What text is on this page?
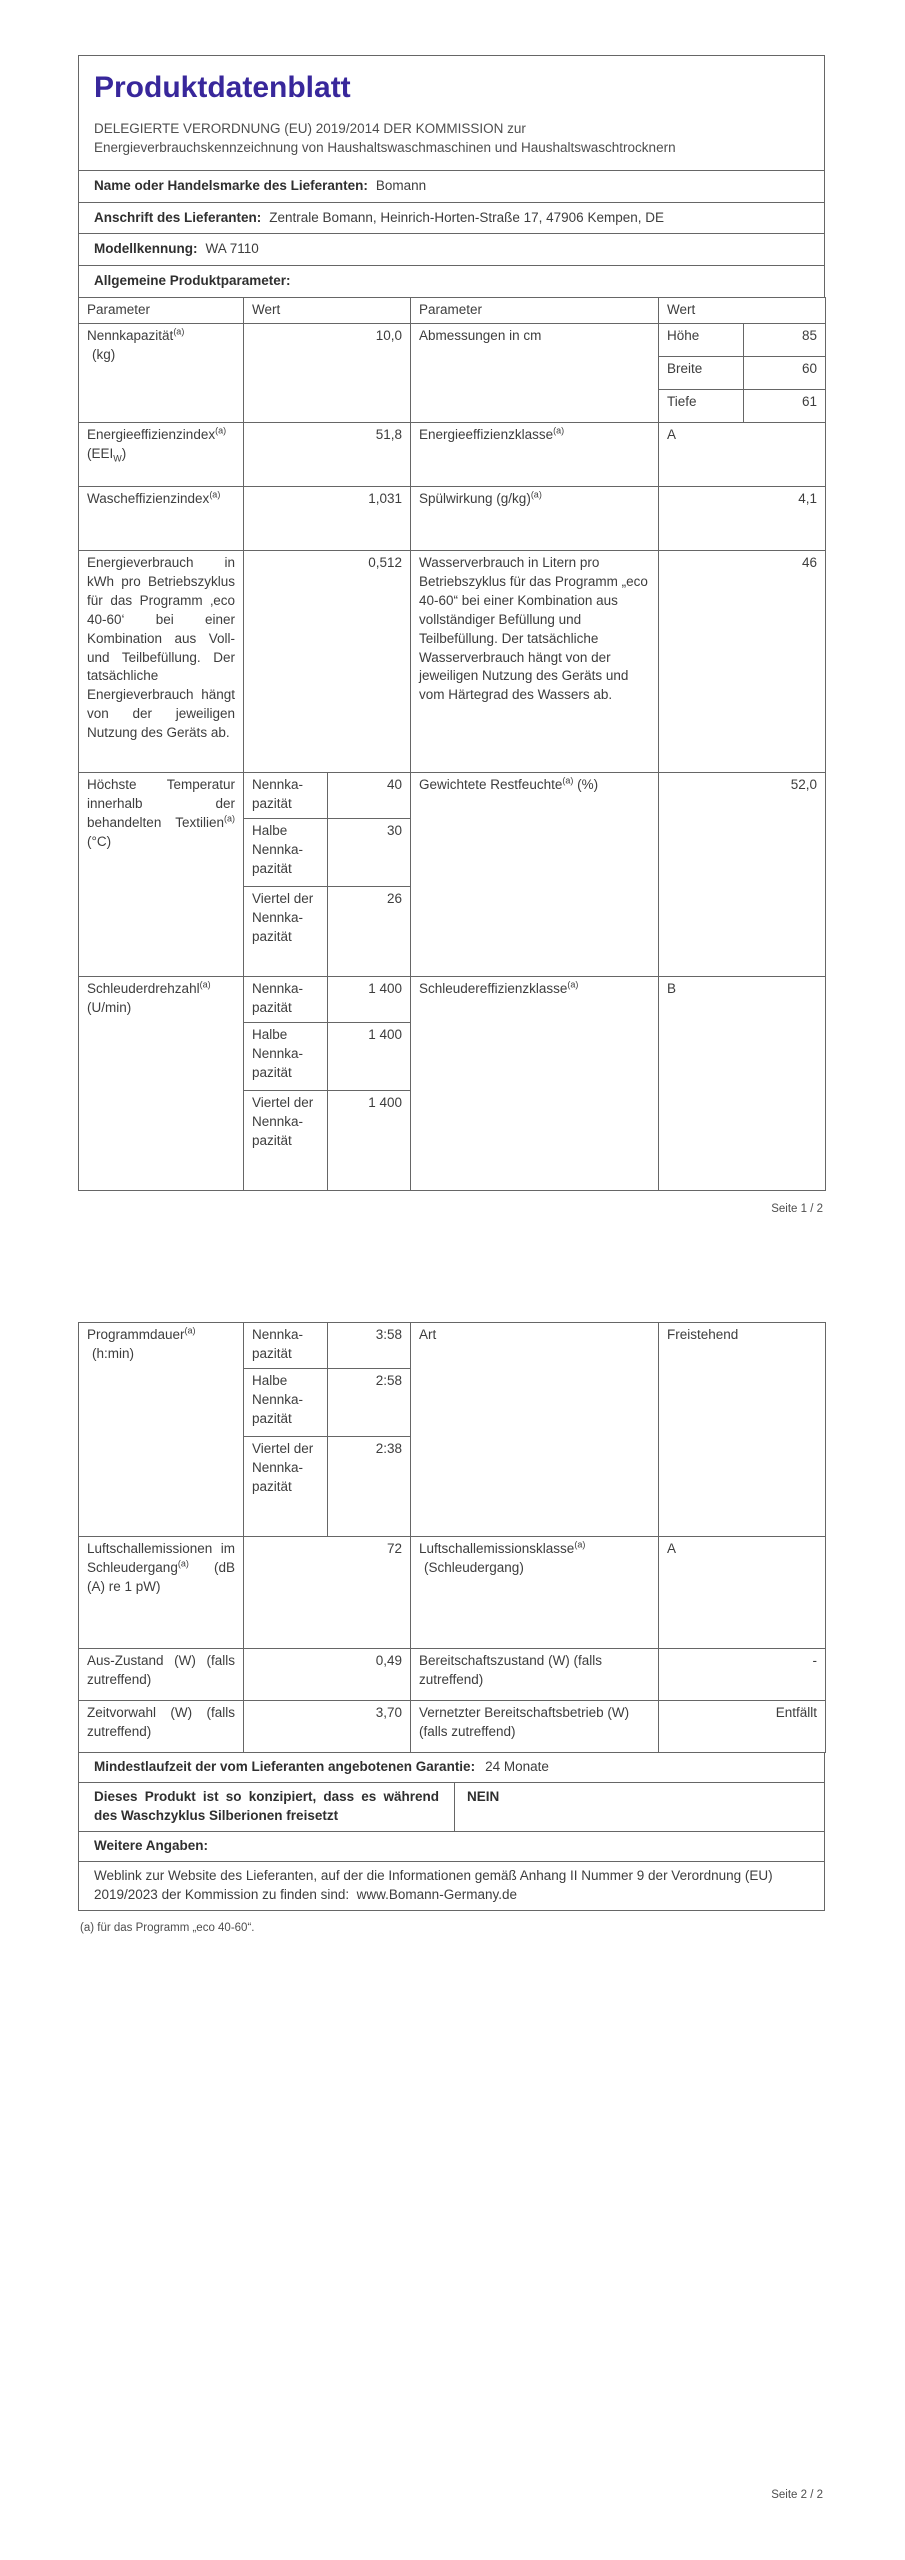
Produktdatenblatt
DELEGIERTE VERORDNUNG (EU) 2019/2014 DER KOMMISSION zur
Energieverbrauchskennzeichnung von Haushaltswaschmaschinen und Haushaltswaschtrocknern
Name oder Handelsmarke des Lieferanten: Bomann
Anschrift des Lieferanten: Zentrale Bomann, Heinrich-Horten-Straße 17, 47906 Kempen, DE
Modellkennung: WA 7110
Allgemeine Produktparameter:
Parameter	Wert		Parameter	Wert	
Nennkapazität$^{(a)}$
(kg)	10,0		Abmessungen in cm	Höhe	85
				Breite	60
				Tiefe	61
Energieeffizienzindex$^{(a)}$ $(EEI_W)$	51,8		Energieeffizienzklasse$^{(a)}$	A	
Wascheffizienzindex$^{(a)}$	1,031		Spülwirkung $(g/kg)^{(a)}$	4,1	
Energieverbrauch in kWh pro Betriebszyklus für das Programm ‚eco 40-60‘ bei einer Kombination aus Voll- und Teilbefüllung. Der tatsächliche Energieverbrauch hängt von der jeweiligen Nutzung des Geräts ab.	0,512	Wasserverbrauch in Litern pro Betriebszyklus für das Programm „eco 40-60“ bei einer Kombination aus vollständiger Befüllung und Teilbefüllung. Der tatsächliche Wasserverbrauch hängt von der jeweiligen Nutzung des Geräts und vom Härtegrad des Wassers ab.	46
Höchste Temperatur innerhalb der behandelten Textilien$^{(a)}$ (°C)	Nennkapazität	40	Gewichtete Restfeuchte$^{(a)}$ (%)	52,0	
	Halbe Nennkapazität	30			
	Viertel der Nennkapazität	26			
Schleuderdrehzahl$^{(a)}$ (U/min)	Nennkapazität	1 400	Schleudereffizienzklasse$^{(a)}$	B	
	Halbe Nennkapazität	1 400			
	Viertel der Nennkapazität	1 400			
Seite 1 / 2
Programmdauer$^{(a)}$
(h:min)	Nennkapazität	3:58	Art	Freistehend
	Halbe Nennkapazität	2:58		
	Viertel der Nennkapazität	2:38		
Luftschallemissionen im Schleudergang$^{(a)}$ (dB (A) re 1 pW)	72		Luftschallemissionsklasse$^{(a)}$
(Schleudergang)	A
Aus-Zustand (W) (falls zutreffend)	0,49		Bereitschaftszustand (W) (falls zutreffend)	-
Zeitvorwahl (W) (falls zutreffend)	3,70		Vernetzter Bereitschaftsbetrieb (W) (falls zutreffend)	Entfällt
Mindestlaufzeit der vom Lieferanten angebotenen Garantie: 24 Monate
Dieses Produkt ist so konzipiert, dass es während des Waschzyklus Silberionen freisetzt
NEIN
Weitere Angaben:
Weblink zur Website des Lieferanten, auf der die Informationen gemäß Anhang II Nummer 9 der Verordnung (EU) 2019/2023 der Kommission zu finden sind:  www.Bomann-Germany.de
(a) für das Programm „eco 40-60“.
Seite 2 / 2
